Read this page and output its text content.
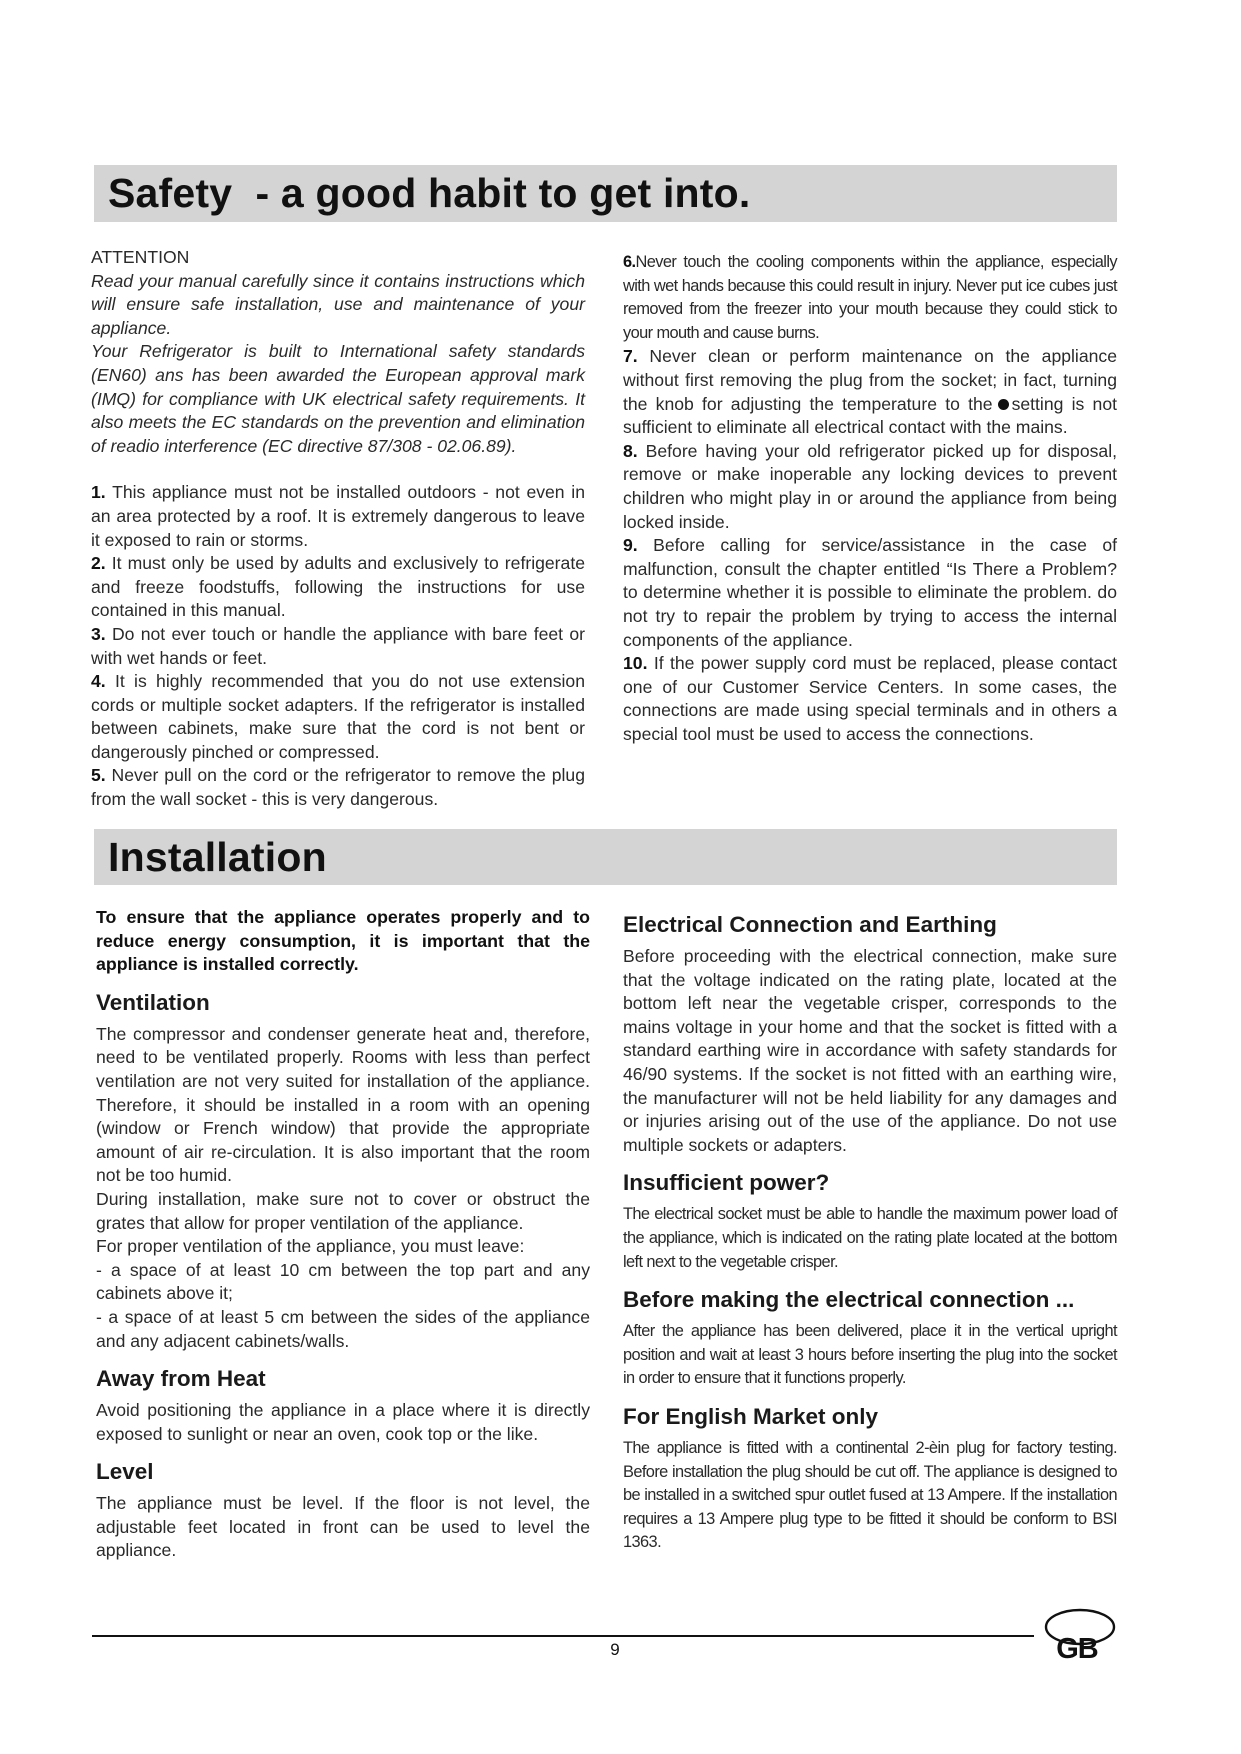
Safety  - a good habit to get into.

ATTENTION

Read your manual carefully since it contains instructions which will ensure safe installation, use and maintenance of your appliance.

Your Refrigerator is built to International safety standards (EN60) ans has been awarded the European approval mark (IMQ) for compliance with UK electrical safety requirements. It also meets the EC standards on the prevention and elimination of readio interference (EC directive 87/308 - 02.06.89).

1. This appliance must not be installed outdoors - not even in an area protected by a roof. It is extremely dangerous to leave it exposed to rain or storms.

2. It must only be used by adults and exclusively to refrigerate and freeze foodstuffs, following the instructions for use contained in this manual.

3. Do not ever touch or handle the appliance with bare feet or with wet hands or feet.

4. It is highly recommended that you do not use extension cords or multiple socket adapters. If the refrigerator is installed between cabinets, make sure that the cord is not bent or dangerously pinched or compressed.

5. Never pull on the cord or the refrigerator to remove the plug from the wall socket - this is very dangerous.

6.Never touch the cooling components within the appliance, especially with wet hands because this could result in injury. Never put ice cubes just removed from the freezer into your mouth because they could stick to your mouth and cause burns.

7. Never clean or perform maintenance on the appliance without first removing the plug from the socket; in fact, turning the knob for adjusting the temperature to the setting is not sufficient to eliminate all electrical contact with the mains.

8. Before having your old refrigerator picked up for disposal, remove or make inoperable any locking devices to prevent children who might play in or around the appliance from being locked inside.

9. Before calling for service/assistance in the case of malfunction, consult the chapter entitled “Is There a Problem? to determine whether it is possible to eliminate the problem. do not try to repair the problem by trying to access the internal components of the appliance.

10. If the power supply cord must be replaced, please contact one of our Customer Service Centers. In some cases, the connections are made using special terminals and in others a special tool must be used to access the connections.

Installation

To ensure that the appliance operates properly and to reduce energy consumption, it is important that the appliance is installed correctly.

Ventilation

The compressor and condenser generate heat and, therefore, need to be ventilated properly. Rooms with less than perfect ventilation are not very suited for installation of the appliance. Therefore, it should be installed in a room with an opening (window or French window) that provide the appropriate amount of air re-circulation. It is also important that the room not be too humid.

During installation, make sure not to cover or obstruct the grates that allow for proper ventilation of the appliance.

For proper ventilation of the appliance, you must leave:

- a space of at least 10 cm between the top part and any cabinets above it;

- a space of at least 5 cm between the sides of the appliance and any adjacent cabinets/walls.

Away from Heat

Avoid positioning the appliance in a place where it is directly exposed to sunlight or near an oven, cook top or the like.

Level

The appliance must be level. If the floor is not level, the adjustable feet located in front can be used to level the appliance.

Electrical Connection and Earthing

Before proceeding with the electrical connection, make sure that the voltage indicated on the rating plate, located at the bottom left near the vegetable crisper, corresponds to the mains voltage in your home and that the socket is fitted with a standard earthing wire in accordance with safety standards for 46/90 systems. If the socket is not fitted with an earthing wire, the manufacturer will not be held liability for any damages and or injuries arising out of the use of the appliance. Do not use multiple sockets or adapters.

Insufficient power?

The electrical socket must be able to handle the maximum power load of the appliance, which is indicated on the rating plate located at the bottom left next to the vegetable crisper.

Before making the electrical connection ...

After the appliance has been delivered, place it in the vertical upright position and wait at least 3 hours before inserting the plug into the socket in order to ensure that it functions properly.

For English Market only

The appliance is fitted with a continental 2-èin plug for factory testing. Before installation the plug should be cut off. The appliance is designed to be installed in a switched spur outlet fused at 13 Ampere. If the installation requires a 13 Ampere plug type to be fitted it should be conform to BSI 1363.

9	GB
